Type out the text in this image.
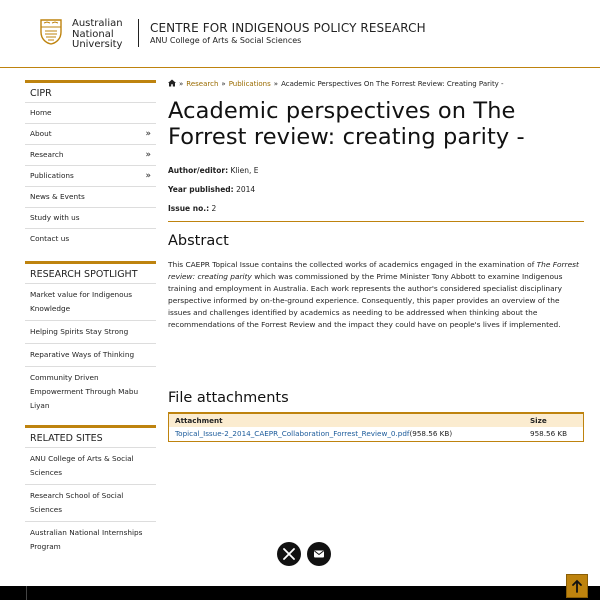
Australian
National
University
CENTRE FOR INDIGENOUS POLICY RESEARCH
ANU College of Arts & Social Sciences
CIPR
Home
About	»
Research	»
Publications	»
News & Events
Study with us
Contact us
RESEARCH SPOTLIGHT
Market value for Indigenous Knowledge
Helping Spirits Stay Strong
Reparative Ways of Thinking
Community Driven Empowerment Through Mabu Liyan
RELATED SITES
ANU College of Arts & Social Sciences
Research School of Social Sciences
Australian National Internships Program
» Research » Publications » Academic Perspectives On The Forrest Review: Creating Parity -
Academic perspectives on The Forrest review: creating parity -
Author/editor: Klien, E
Year published: 2014
Issue no.: 2
Abstract
This CAEPR Topical Issue contains the collected works of academics engaged in the examination of The Forrest review: creating parity which was commissioned by the Prime Minister Tony Abbott to examine Indigenous training and employment in Australia. Each work represents the author's considered specialist disciplinary perspective informed by on-the-ground experience. Consequently, this paper provides an overview of the issues and challenges identified by academics as needing to be addressed when thinking about the recommendations of the Forrest Review and the impact they could have on people's lives if implemented.
File attachments
Attachment	Size
Topical_Issue-2_2014_CAEPR_Collaboration_Forrest_Review_0.pdf(958.56 KB)	958.56 KB
